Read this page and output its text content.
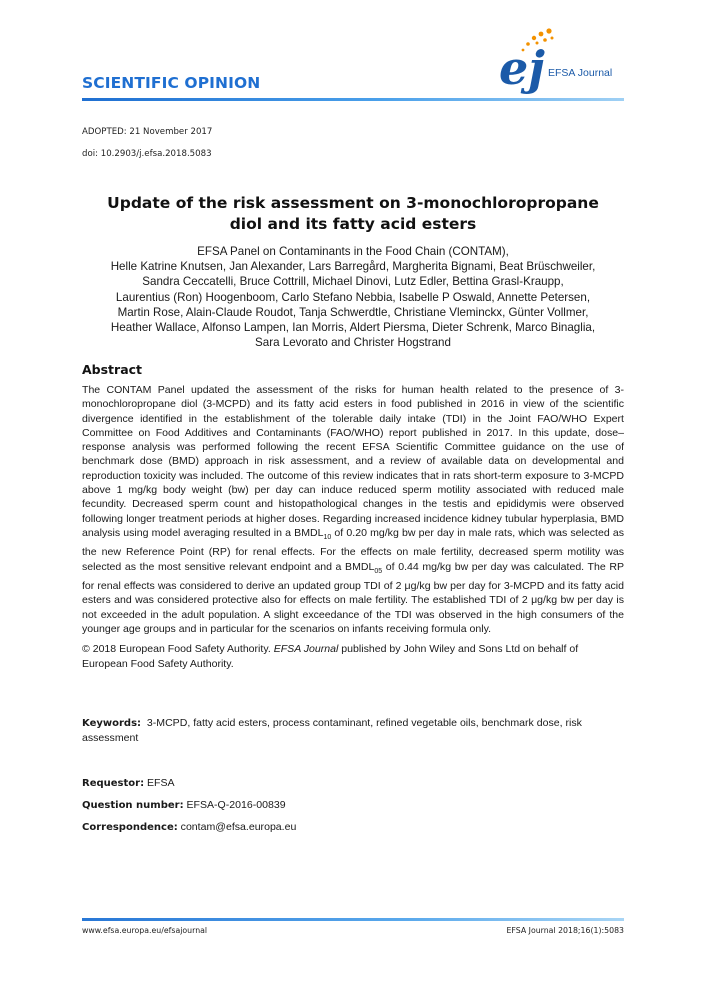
SCIENTIFIC OPINION	ej EFSA Journal
ADOPTED: 21 November 2017
doi: 10.2903/j.efsa.2018.5083
Update of the risk assessment on 3-monochloropropane
diol and its fatty acid esters
EFSA Panel on Contaminants in the Food Chain (CONTAM),
Helle Katrine Knutsen, Jan Alexander, Lars Barregård, Margherita Bignami, Beat Brüschweiler,
Sandra Ceccatelli, Bruce Cottrill, Michael Dinovi, Lutz Edler, Bettina Grasl-Kraupp,
Laurentius (Ron) Hoogenboom, Carlo Stefano Nebbia, Isabelle P Oswald, Annette Petersen,
Martin Rose, Alain-Claude Roudot, Tanja Schwerdtle, Christiane Vleminckx, Günter Vollmer,
Heather Wallace, Alfonso Lampen, Ian Morris, Aldert Piersma, Dieter Schrenk, Marco Binaglia,
Sara Levorato and Christer Hogstrand
Abstract

The CONTAM Panel updated the assessment of the risks for human health related to the presence of 3-monochloropropane diol (3-MCPD) and its fatty acid esters in food published in 2016 in view of the scientific divergence identified in the establishment of the tolerable daily intake (TDI) in the Joint FAO/WHO Expert Committee on Food Additives and Contaminants (FAO/WHO) report published in 2017. In this update, dose–response analysis was performed following the recent EFSA Scientific Committee guidance on the use of benchmark dose (BMD) approach in risk assessment, and a review of available data on developmental and reproduction toxicity was included. The outcome of this review indicates that in rats short-term exposure to 3-MCPD above 1 mg/kg body weight (bw) per day can induce reduced sperm motility associated with reduced male fecundity. Decreased sperm count and histopathological changes in the testis and epididymis were observed following longer treatment periods at higher doses. Regarding increased incidence kidney tubular hyperplasia, BMD analysis using model averaging resulted in a $BMDL_{10}$ of 0.20 mg/kg bw per day in male rats, which was selected as the new Reference Point (RP) for renal effects. For the effects on male fertility, decreased sperm motility was selected as the most sensitive relevant endpoint and a $BMDL_{05}$ of 0.44 mg/kg bw per day was calculated. The RP for renal effects was considered to derive an updated group TDI of 2 μg/kg bw per day for 3-MCPD and its fatty acid esters and was considered protective also for effects on male fertility. The established TDI of 2 μg/kg bw per day is not exceeded in the adult population. A slight exceedance of the TDI was observed in the high consumers of the younger age groups and in particular for the scenarios on infants receiving formula only.

© 2018 European Food Safety Authority. EFSA Journal published by John Wiley and Sons Ltd on behalf of European Food Safety Authority.

Keywords: 3-MCPD, fatty acid esters, process contaminant, refined vegetable oils, benchmark dose, risk assessment
Requestor: EFSA
Question number: EFSA-Q-2016-00839
Correspondence: contam@efsa.europa.eu
www.efsa.europa.eu/efsajournal	EFSA Journal 2018;16(1):5083
